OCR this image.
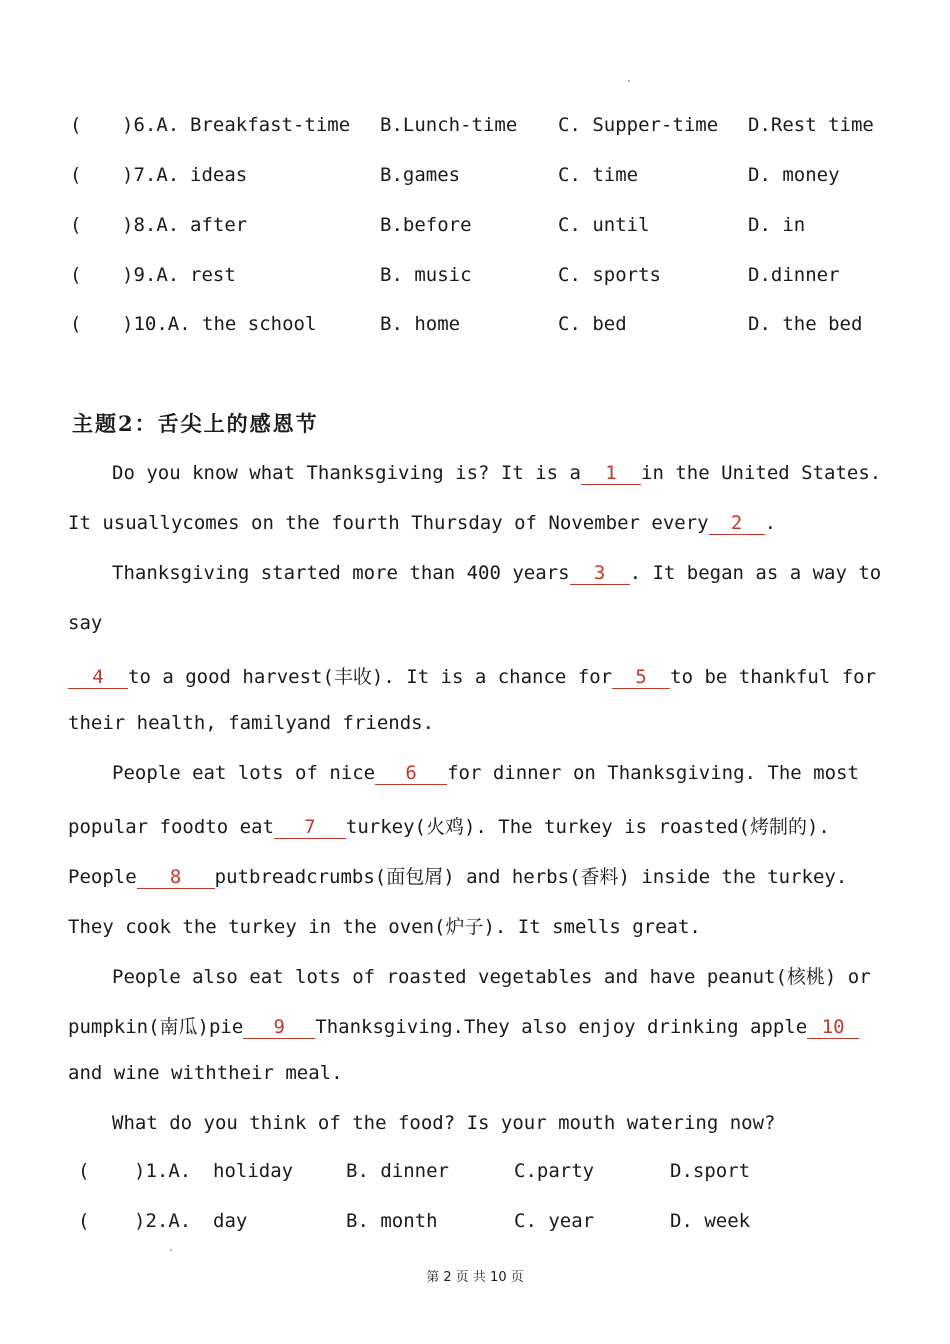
( )6.A. Breakfast-time B.Lunch-time C. Supper-time D.Rest time
( )7.A. ideas	B.games	C. time	D. money
( )8.A. after	B.before	C. until	D. in
( )9.A. rest	B. music	C. sports	D.dinner
( )10.A. the school	B. home	C. bed	D. the bed
主题2：舌尖上的感恩节
Do you know what Thanksgiving is? It is a 1 in the United States.
It usuallycomes on the fourth Thursday of November every 2 .
Thanksgiving started more than 400 years 3 . It began as a way to
say
4 to a good harvest(丰收). It is a chance for 5 to be thankful for
their health, familyand friends.
People eat lots of nice 6 for dinner on Thanksgiving. The most
popular foodto eat 7 turkey(火鸡). The turkey is roasted(烤制的).
People 8 putbreadcrumbs(面包屑) and herbs(香料) inside the turkey.
They cook the turkey in the oven(炉子). It smells great.
People also eat lots of roasted vegetables and have peanut(核桃) or
pumpkin(南瓜)pie 9 Thanksgiving.They also enjoy drinking apple 10
and wine withtheir meal.
What do you think of the food? Is your mouth watering now?
( )1.A. holiday	B. dinner	C.party	D.sport
( )2.A. day	B. month	C. year	D. week
第 2 页 共 10 页
